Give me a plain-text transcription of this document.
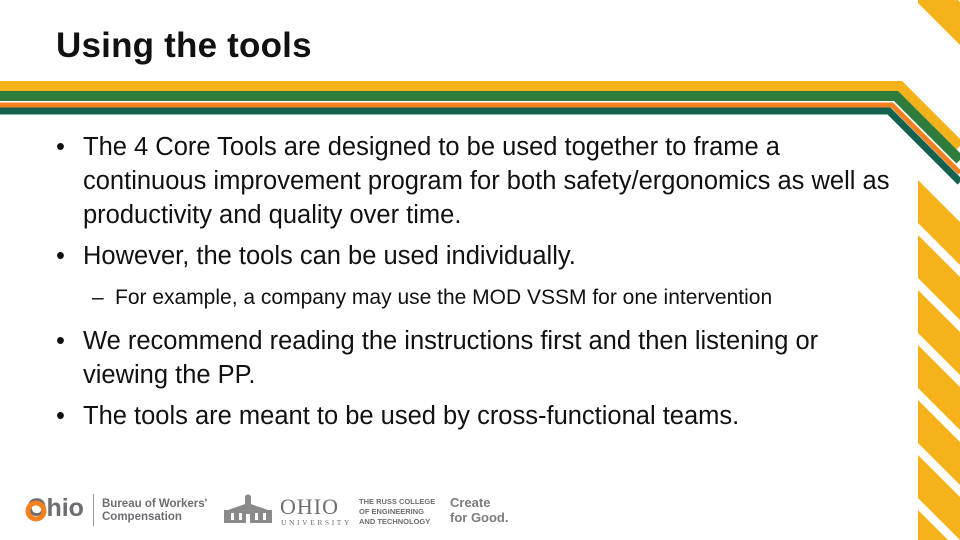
Using the tools
• The 4 Core Tools are designed to be used together to frame a continuous improvement program for both safety/ergonomics as well as productivity and quality over time.
• However, the tools can be used individually.
– For example, a company may use the MOD VSSM for one intervention
• We recommend reading the instructions first and then listening or viewing the PP.
• The tools are meant to be used by cross-functional teams.
Ohio Bureau of Workers'
Compensation	OHIO
UNIVERSITY
THE RUSS COLLEGE
OF ENGINEERING
AND TECHNOLOGY
Create
for Good.
